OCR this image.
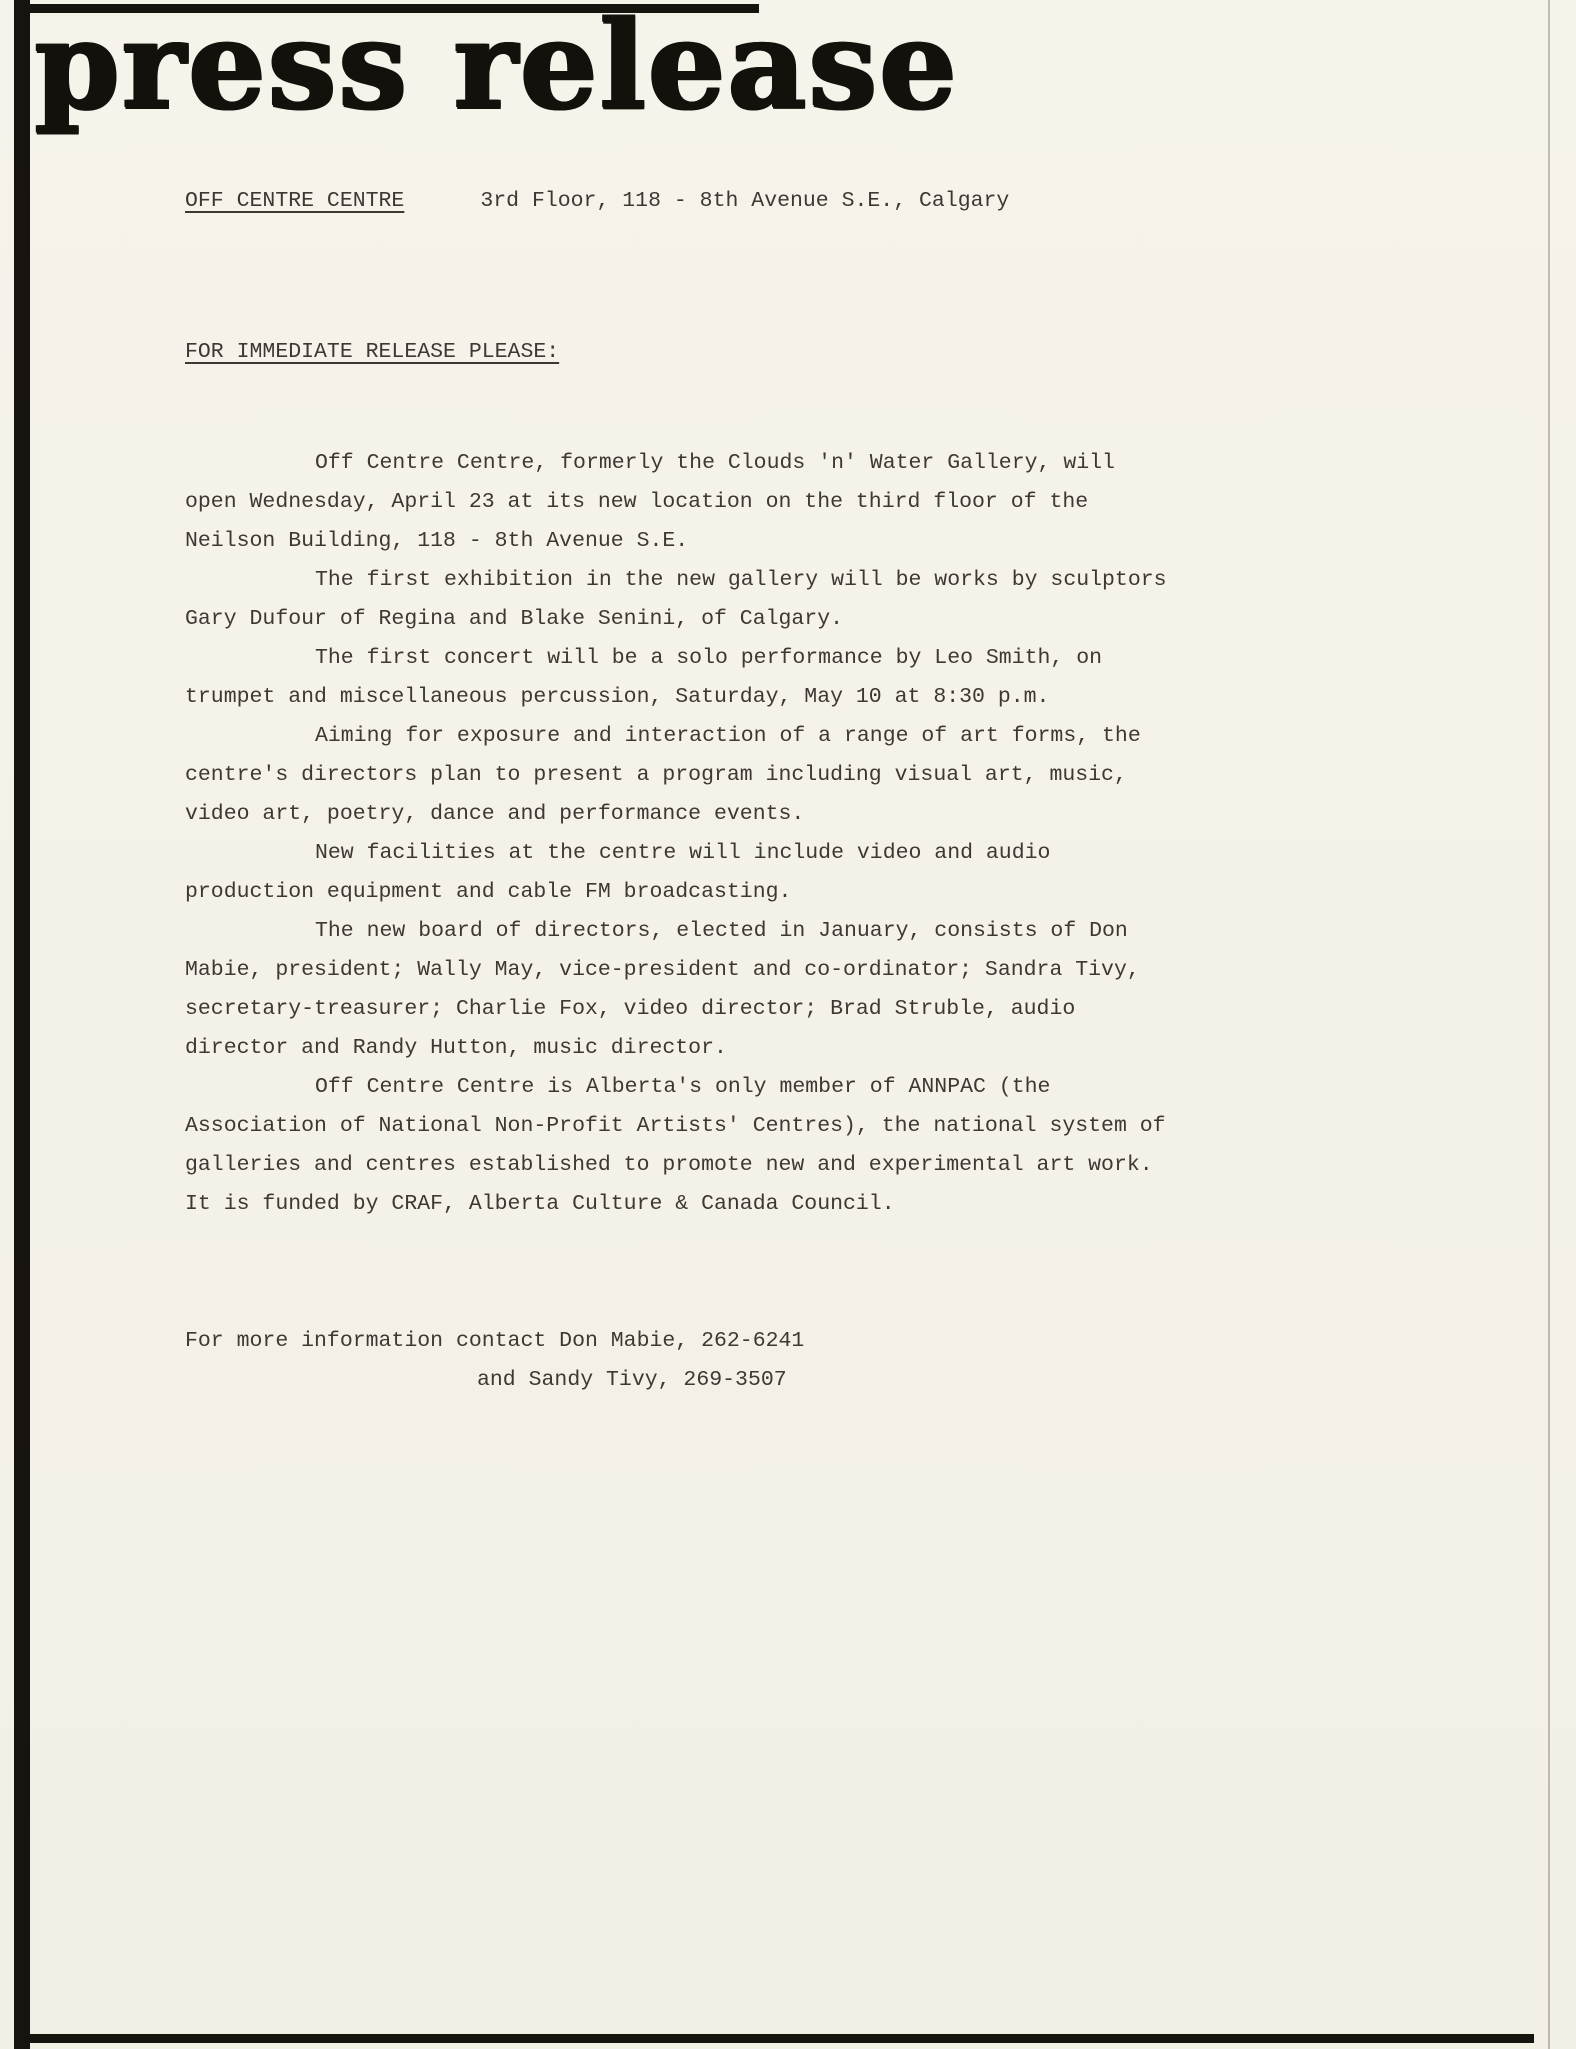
press release
OFF CENTRE CENTRE	3rd Floor, 118 - 8th Avenue S.E., Calgary
FOR IMMEDIATE RELEASE PLEASE:

Off Centre Centre, formerly the Clouds 'n' Water Gallery, will open Wednesday, April 23 at its new location on the third floor of the Neilson Building, 118 - 8th Avenue S.E.

The first exhibition in the new gallery will be works by sculptors Gary Dufour of Regina and Blake Senini, of Calgary.

The first concert will be a solo performance by Leo Smith, on trumpet and miscellaneous percussion, Saturday, May 10 at 8:30 p.m.

Aiming for exposure and interaction of a range of art forms, the centre's directors plan to present a program including visual art, music, video art, poetry, dance and performance events.

New facilities at the centre will include video and audio production equipment and cable FM broadcasting.

The new board of directors, elected in January, consists of Don Mabie, president; Wally May, vice-president and co-ordinator; Sandra Tivy, secretary-treasurer; Charlie Fox, video director; Brad Struble, audio director and Randy Hutton, music director.

Off Centre Centre is Alberta's only member of ANNPAC (the Association of National Non-Profit Artists' Centres), the national system of galleries and centres established to promote new and experimental art work. It is funded by CRAF, Alberta Culture & Canada Council.

For more information contact Don Mabie, 262-6241

and Sandy Tivy, 269-3507
